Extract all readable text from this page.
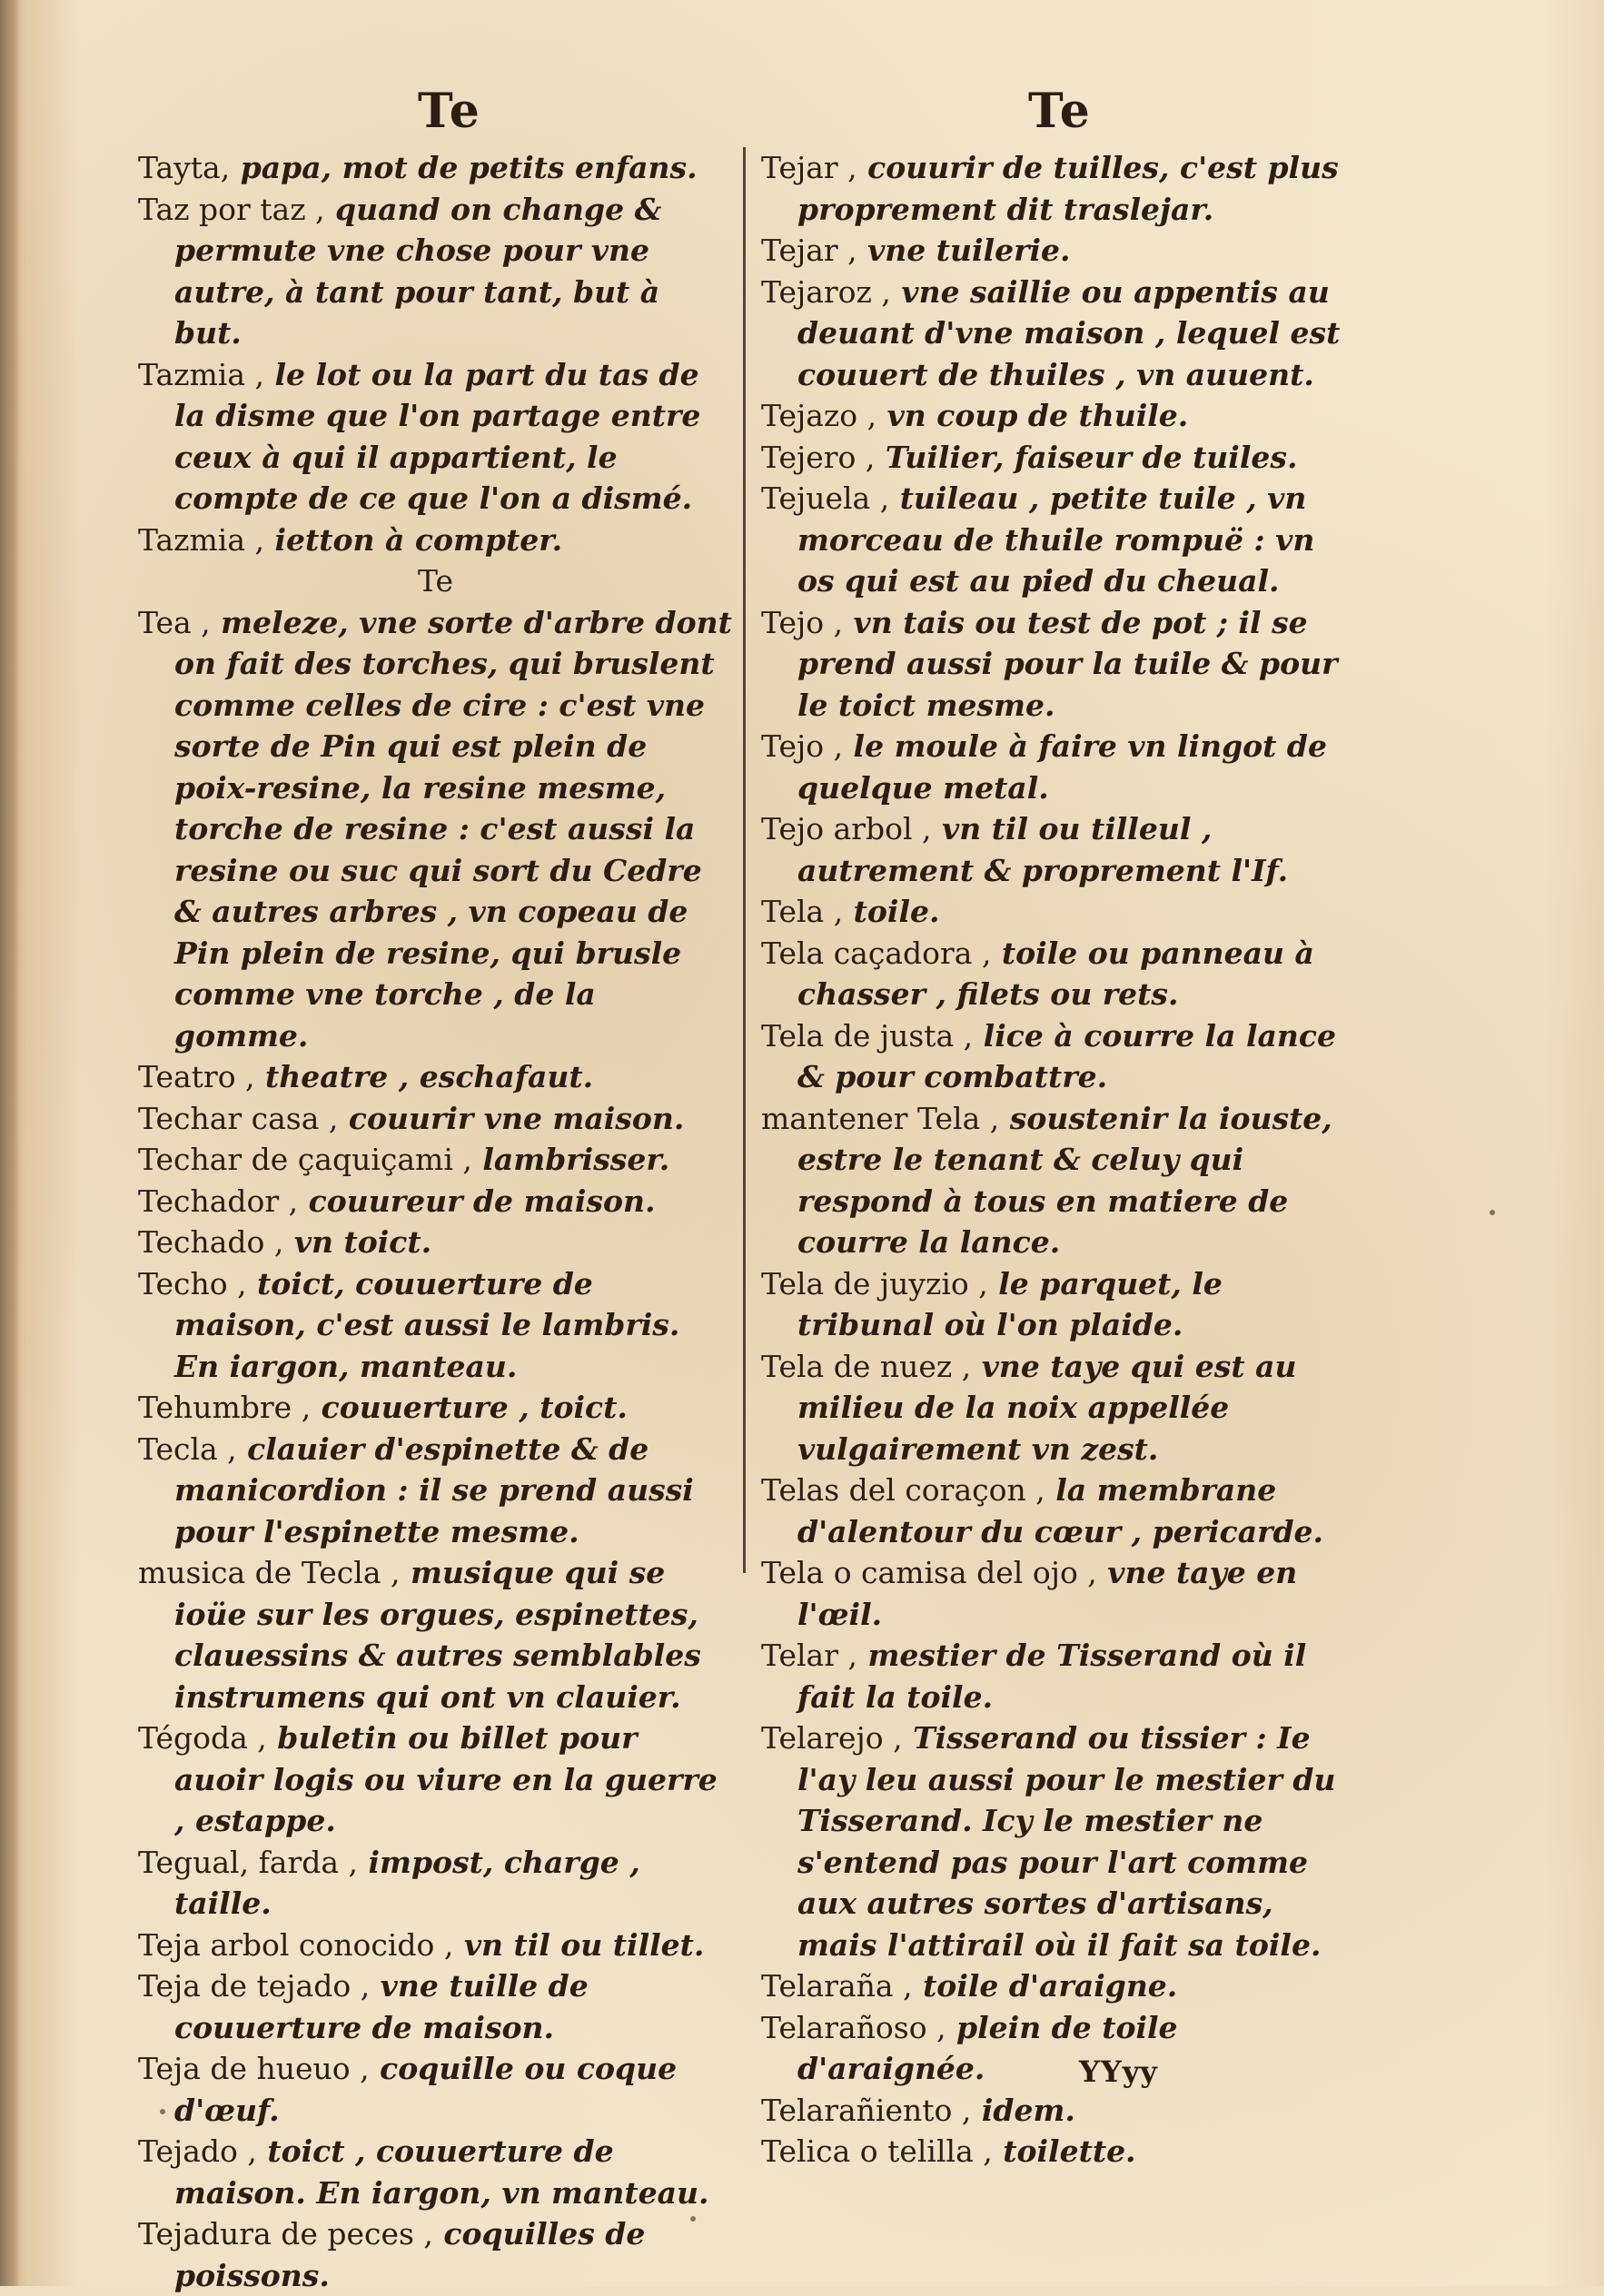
Te	Te

Tayta, papa, mot de petits enfans.

Taz por taz , quand on change & permute vne chose pour vne autre, à tant pour tant, but à but.

Tazmia , le lot ou la part du tas de la disme que l'on partage entre ceux à qui il appartient, le compte de ce que l'on a dismé.

Tazmia , ietton à compter.

Te

Tea , meleze, vne sorte d'arbre dont on fait des torches, qui bruslent comme celles de cire : c'est vne sorte de Pin qui est plein de poix-resine, la resine mesme, torche de resine : c'est aussi la resine ou suc qui sort du Cedre & autres arbres , vn copeau de Pin plein de resine, qui brusle comme vne torche , de la gomme.

Teatro , theatre , eschafaut.

Techar casa , couurir vne maison.

Techar de çaquiçami , lambrisser.

Techador , couureur de maison.

Techado , vn toict.

Techo , toict, couuerture de maison, c'est aussi le lambris. En iargon, manteau.

Tehumbre , couuerture , toict.

Tecla , clauier d'espinette & de manicordion : il se prend aussi pour l'espinette mesme.

musica de Tecla , musique qui se ioüe sur les orgues, espinettes, clauessins & autres semblables instrumens qui ont vn clauier.

Tégoda , buletin ou billet pour auoir logis ou viure en la guerre , estappe.

Tegual, farda , impost, charge , taille.

Teja arbol conocido , vn til ou tillet.

Teja de tejado , vne tuille de couuerture de maison.

Teja de hueuo , coquille ou coque d'œuf.

Tejado , toict , couuerture de maison. En iargon, vn manteau.

Tejadura de peces , coquilles de poissons.

Tejar , couurir de tuilles, c'est plus proprement dit traslejar.

Tejar , vne tuilerie.

Tejaroz , vne saillie ou appentis au deuant d'vne maison , lequel est couuert de thuiles , vn auuent.

Tejazo , vn coup de thuile.

Tejero , Tuilier, faiseur de tuiles.

Tejuela , tuileau , petite tuile , vn morceau de thuile rompuë : vn os qui est au pied du cheual.

Tejo , vn tais ou test de pot ; il se prend aussi pour la tuile & pour le toict mesme.

Tejo , le moule à faire vn lingot de quelque metal.

Tejo arbol , vn til ou tilleul , autrement & proprement l'If.

Tela , toile.

Tela caçadora , toile ou panneau à chasser , filets ou rets.

Tela de justa , lice à courre la lance & pour combattre.

mantener Tela , soustenir la iouste, estre le tenant & celuy qui respond à tous en matiere de courre la lance.

Tela de juyzio , le parquet, le tribunal où l'on plaide.

Tela de nuez , vne taye qui est au milieu de la noix appellée vulgairement vn zest.

Telas del coraçon , la membrane d'alentour du cœur , pericarde.

Tela o camisa del ojo , vne taye en l'œil.

Telar , mestier de Tisserand où il fait la toile.

Telarejo , Tisserand ou tissier : Ie l'ay leu aussi pour le mestier du Tisserand. Icy le mestier ne s'entend pas pour l'art comme aux autres sortes d'artisans, mais l'attirail où il fait sa toile.

Telaraña , toile d'araigne.

Telarañoso , plein de toile d'araignée.

Telarañiento , idem.

Telica o telilla , toilette.

YYyy
